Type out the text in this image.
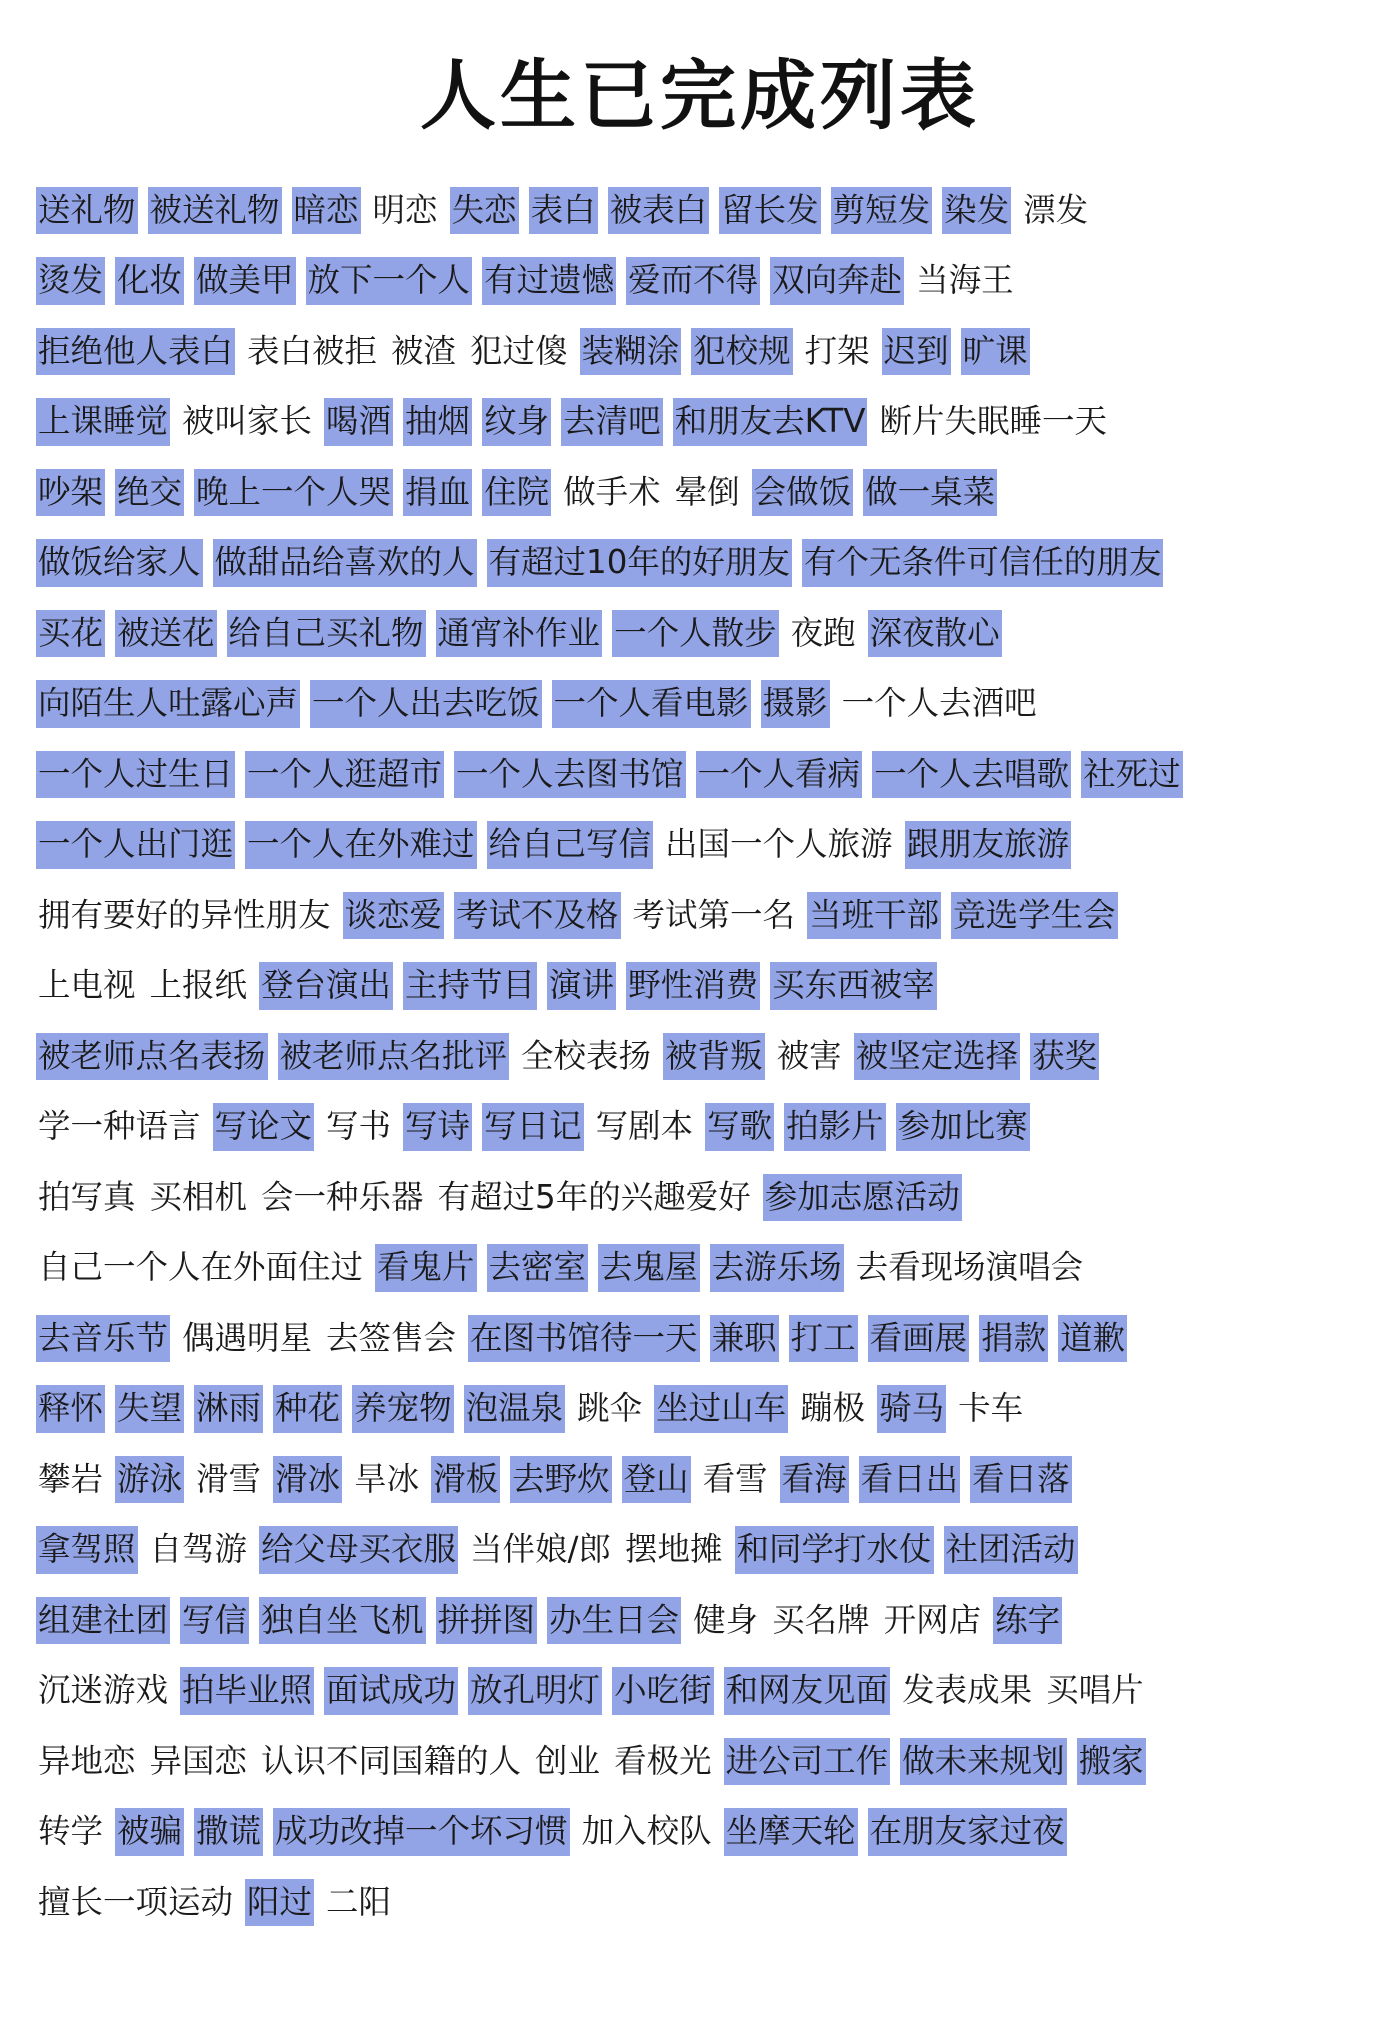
人生已完成列表
送礼物 被送礼物 暗恋 明恋 失恋 表白 被表白 留长发 剪短发 染发 漂发
烫发 化妆 做美甲 放下一个人 有过遗憾 爱而不得 双向奔赴 当海王
拒绝他人表白 表白被拒 被渣 犯过傻 装糊涂 犯校规 打架 迟到 旷课
上课睡觉 被叫家长 喝酒 抽烟 纹身 去清吧 和朋友去KTV 断片失眠睡一天
吵架 绝交 晚上一个人哭 捐血 住院 做手术 晕倒 会做饭 做一桌菜
做饭给家人 做甜品给喜欢的人 有超过10年的好朋友 有个无条件可信任的朋友
买花 被送花 给自己买礼物 通宵补作业 一个人散步 夜跑 深夜散心
向陌生人吐露心声 一个人出去吃饭 一个人看电影 摄影 一个人去酒吧
一个人过生日 一个人逛超市 一个人去图书馆 一个人看病 一个人去唱歌 社死过
一个人出门逛 一个人在外难过 给自己写信 出国一个人旅游 跟朋友旅游
拥有要好的异性朋友 谈恋爱 考试不及格 考试第一名 当班干部 竞选学生会
上电视 上报纸 登台演出 主持节目 演讲 野性消费 买东西被宰
被老师点名表扬 被老师点名批评 全校表扬 被背叛 被害 被坚定选择 获奖
学一种语言 写论文 写书 写诗 写日记 写剧本 写歌 拍影片 参加比赛
拍写真 买相机 会一种乐器 有超过5年的兴趣爱好 参加志愿活动
自己一个人在外面住过 看鬼片 去密室 去鬼屋 去游乐场 去看现场演唱会
去音乐节 偶遇明星 去签售会 在图书馆待一天 兼职 打工 看画展 捐款 道歉
释怀 失望 淋雨 种花 养宠物 泡温泉 跳伞 坐过山车 蹦极 骑马 卡车
攀岩 游泳 滑雪 滑冰 旱冰 滑板 去野炊 登山 看雪 看海 看日出 看日落
拿驾照 自驾游 给父母买衣服 当伴娘/郎 摆地摊 和同学打水仗 社团活动
组建社团 写信 独自坐飞机 拼拼图 办生日会 健身 买名牌 开网店 练字
沉迷游戏 拍毕业照 面试成功 放孔明灯 小吃街 和网友见面 发表成果 买唱片
异地恋 异国恋 认识不同国籍的人 创业 看极光 进公司工作 做未来规划 搬家
转学 被骗 撒谎 成功改掉一个坏习惯 加入校队 坐摩天轮 在朋友家过夜
擅长一项运动 阳过 二阳
